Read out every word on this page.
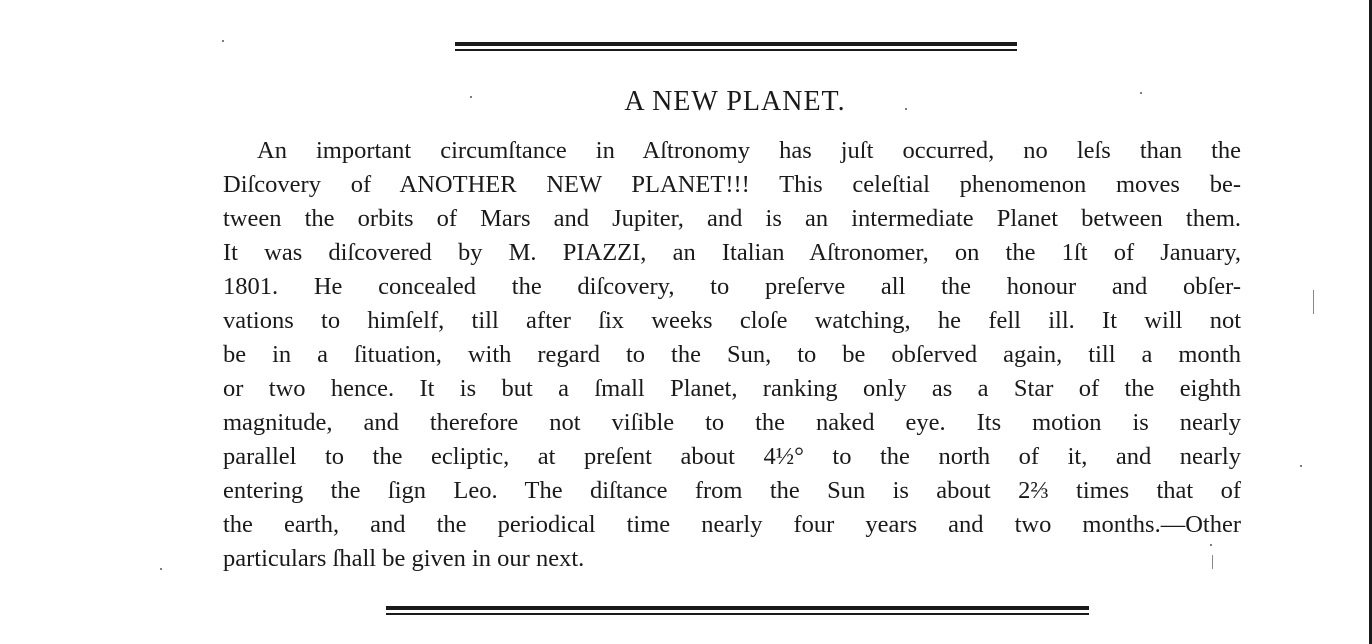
A NEW PLANET.
An important circumſtance in Aſtronomy has juſt occurred, no leſs than the
Diſcovery of ANOTHER NEW PLANET!!! This celeſtial phenomenon moves be-
tween the orbits of Mars and Jupiter, and is an intermediate Planet between them.
It was diſcovered by M. PIAZZI, an Italian Aſtronomer, on the 1ſt of January,
1801. He concealed the diſcovery, to preſerve all the honour and obſer-
vations to himſelf, till after ſix weeks cloſe watching, he fell ill. It will not
be in a ſituation, with regard to the Sun, to be obſerved again, till a month
or two hence. It is but a ſmall Planet, ranking only as a Star of the eighth
magnitude, and therefore not viſible to the naked eye. Its motion is nearly
parallel to the ecliptic, at preſent about 4½° to the north of it, and nearly
entering the ſign Leo. The diſtance from the Sun is about 2⅔ times that of
the earth, and the periodical time nearly four years and two months.—Other
particulars ſhall be given in our next.
